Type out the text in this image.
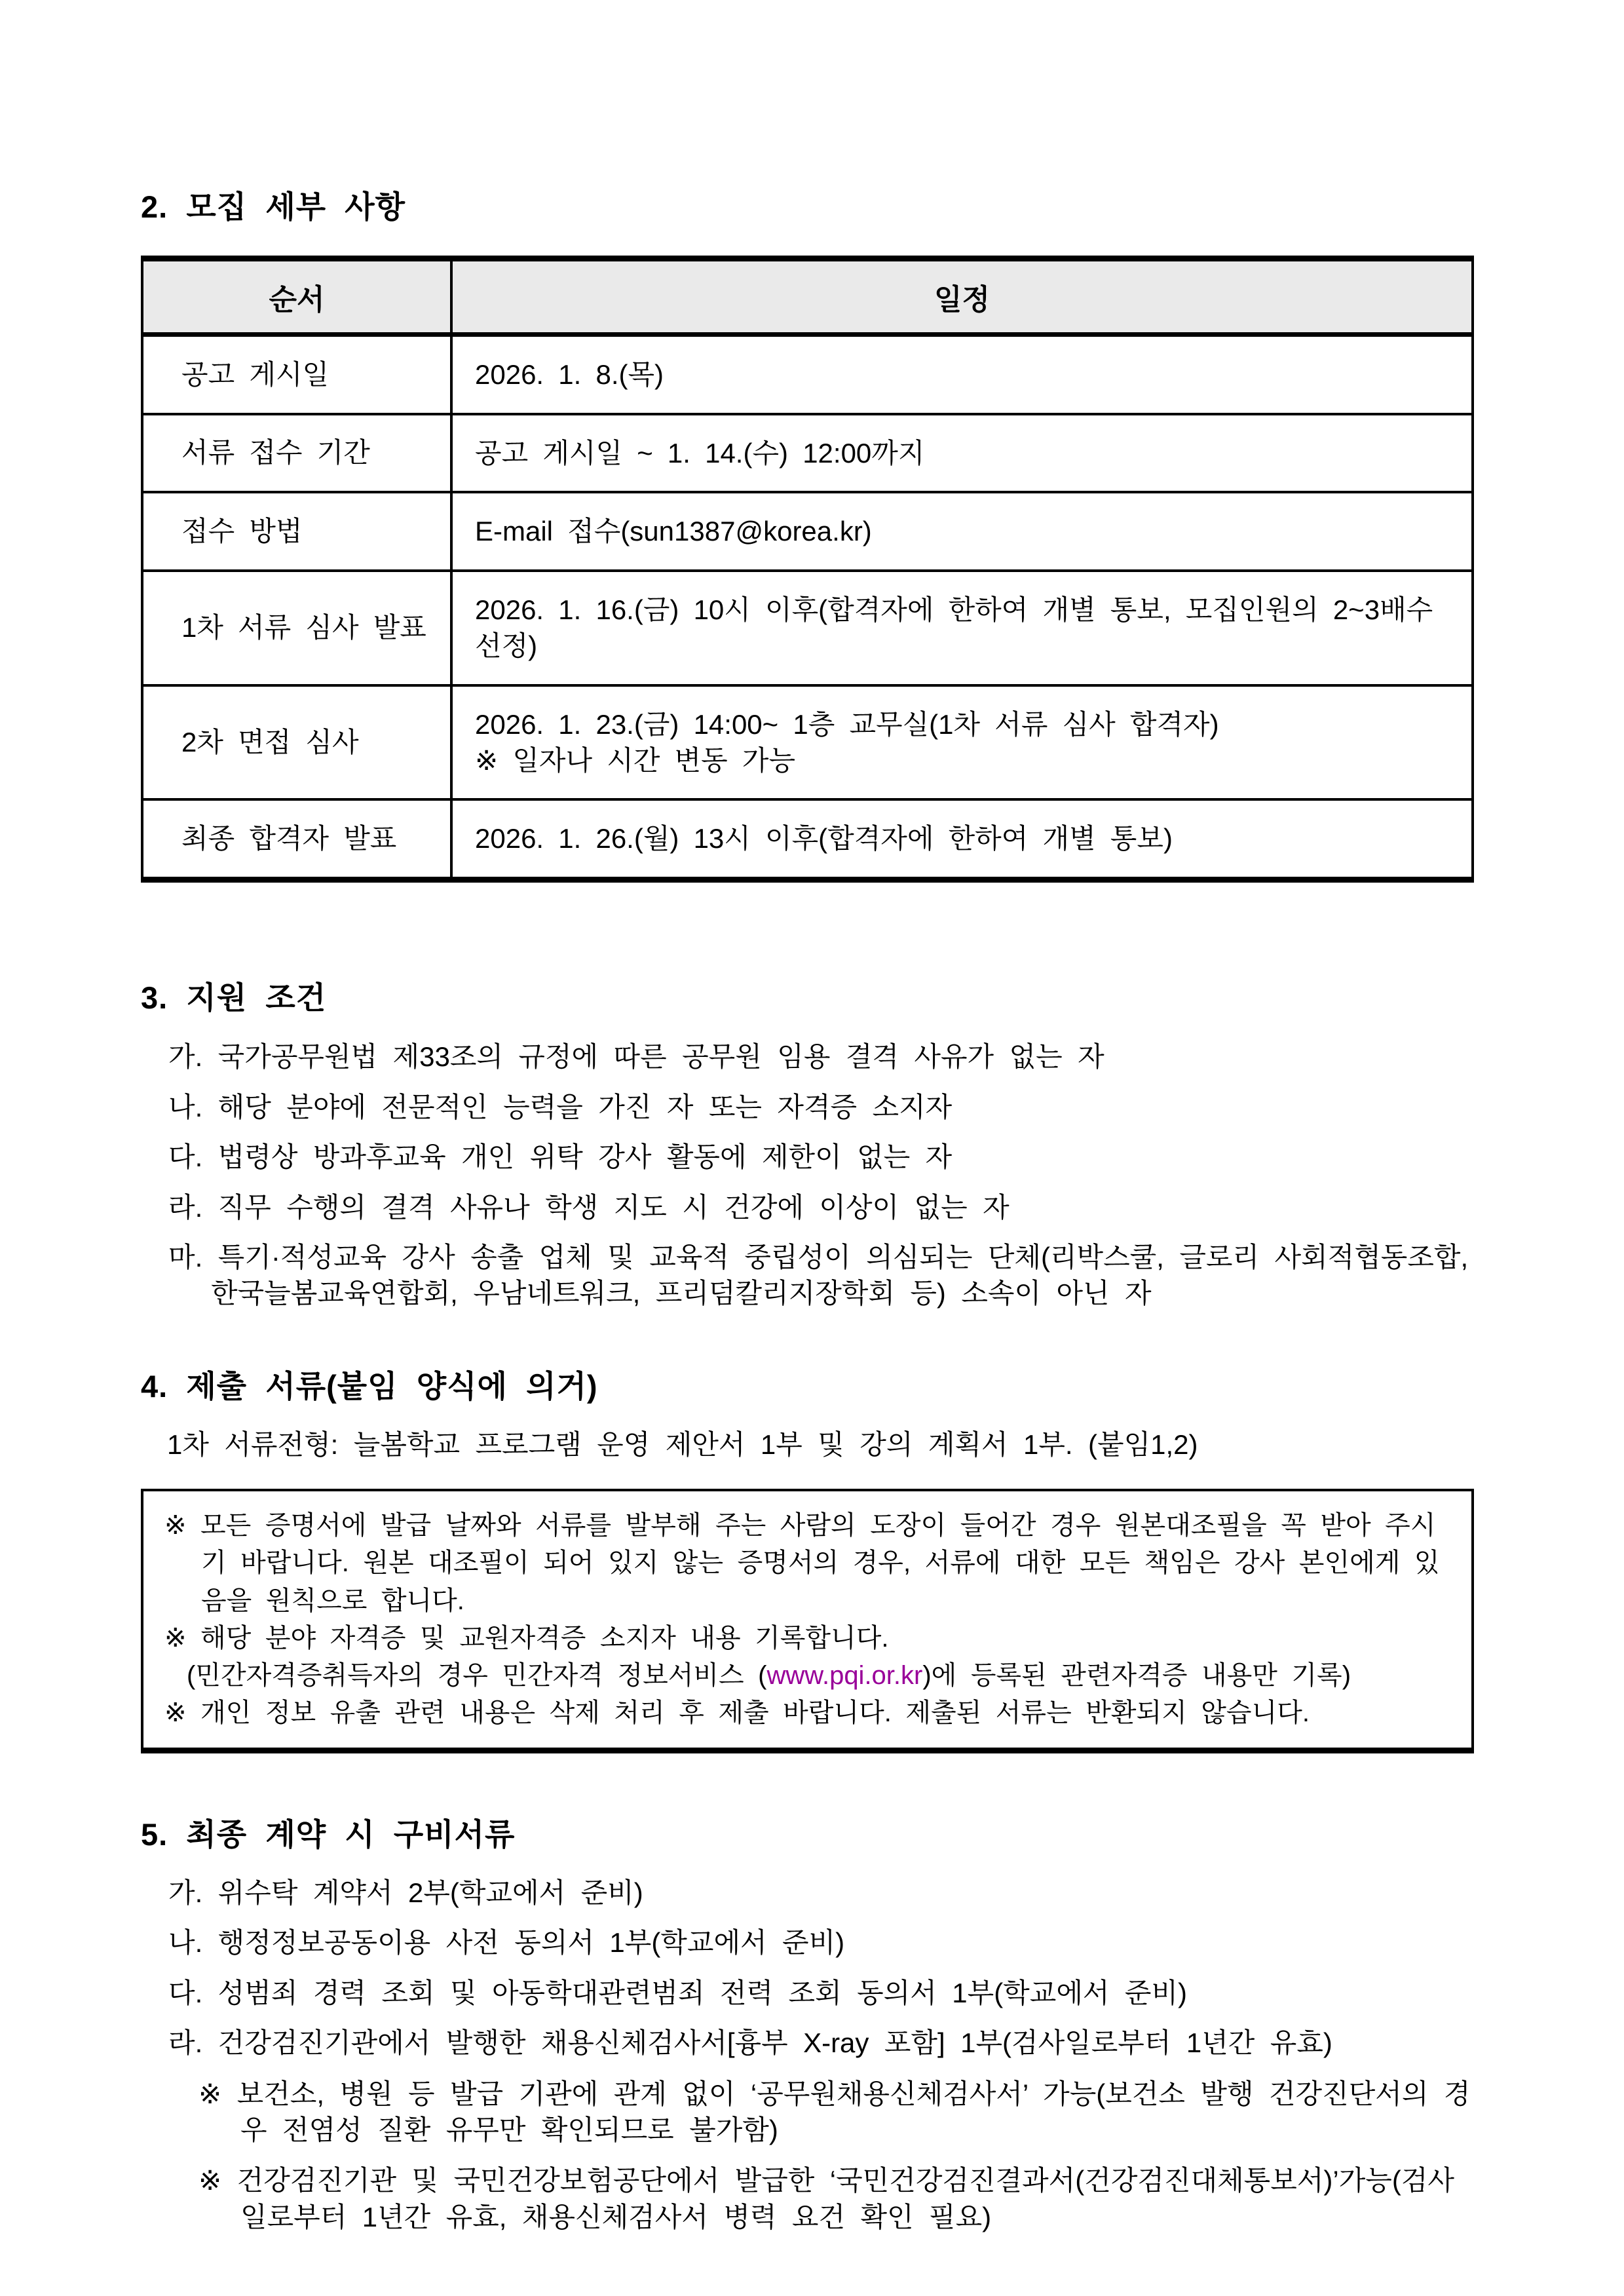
2. 모집 세부 사항
순서	일정
공고 게시일	2026. 1. 8.(목)
서류 접수 기간	공고 게시일 ~ 1. 14.(수) 12:00까지
접수 방법	E-mail 접수(sun1387@korea.kr)
1차 서류 심사 발표	2026. 1. 16.(금) 10시 이후(합격자에 한하여 개별 통보, 모집인원의 2~3배수 선정)
2차 면접 심사	2026. 1. 23.(금) 14:00~ 1층 교무실(1차 서류 심사 합격자)
※ 일자나 시간 변동 가능

최종 합격자 발표	2026. 1. 26.(월) 13시 이후(합격자에 한하여 개별 통보)
3. 지원 조건
가. 국가공무원법 제33조의 규정에 따른 공무원 임용 결격 사유가 없는 자
나. 해당 분야에 전문적인 능력을 가진 자 또는 자격증 소지자
다. 법령상 방과후교육 개인 위탁 강사 활동에 제한이 없는 자
라. 직무 수행의 결격 사유나 학생 지도 시 건강에 이상이 없는 자
마. 특기·적성교육 강사 송출 업체 및 교육적 중립성이 의심되는 단체(리박스쿨, 글로리 사회적협동조합, 한국늘봄교육연합회, 우남네트워크, 프리덤칼리지장학회 등) 소속이 아닌 자
4. 제출 서류(붙임 양식에 의거)
1차 서류전형: 늘봄학교 프로그램 운영 제안서 1부 및 강의 계획서 1부. (붙임1,2)
※ 모든 증명서에 발급 날짜와 서류를 발부해 주는 사람의 도장이 들어간 경우 원본대조필을 꼭 받아 주시기 바랍니다. 원본 대조필이 되어 있지 않는 증명서의 경우, 서류에 대한 모든 책임은 강사 본인에게 있음을 원칙으로 합니다.
※ 해당 분야 자격증 및 교원자격증 소지자 내용 기록합니다.
(민간자격증취득자의 경우 민간자격 정보서비스 (www.pqi.or.kr)에 등록된 관련자격증 내용만 기록)
※ 개인 정보 유출 관련 내용은 삭제 처리 후 제출 바랍니다. 제출된 서류는 반환되지 않습니다.
5. 최종 계약 시 구비서류
가. 위수탁 계약서 2부(학교에서 준비)
나. 행정정보공동이용 사전 동의서 1부(학교에서 준비)
다. 성범죄 경력 조회 및 아동학대관련범죄 전력 조회 동의서 1부(학교에서 준비)
라. 건강검진기관에서 발행한 채용신체검사서[흉부 X-ray 포함] 1부(검사일로부터 1년간 유효)
※ 보건소, 병원 등 발급 기관에 관계 없이 ‘공무원채용신체검사서’ 가능(보건소 발행 건강진단서의 경우 전염성 질환 유무만 확인되므로 불가함)
※ 건강검진기관 및 국민건강보험공단에서 발급한 ‘국민건강검진결과서(건강검진대체통보서)’가능(검사일로부터 1년간 유효, 채용신체검사서 병력 요건 확인 필요)
